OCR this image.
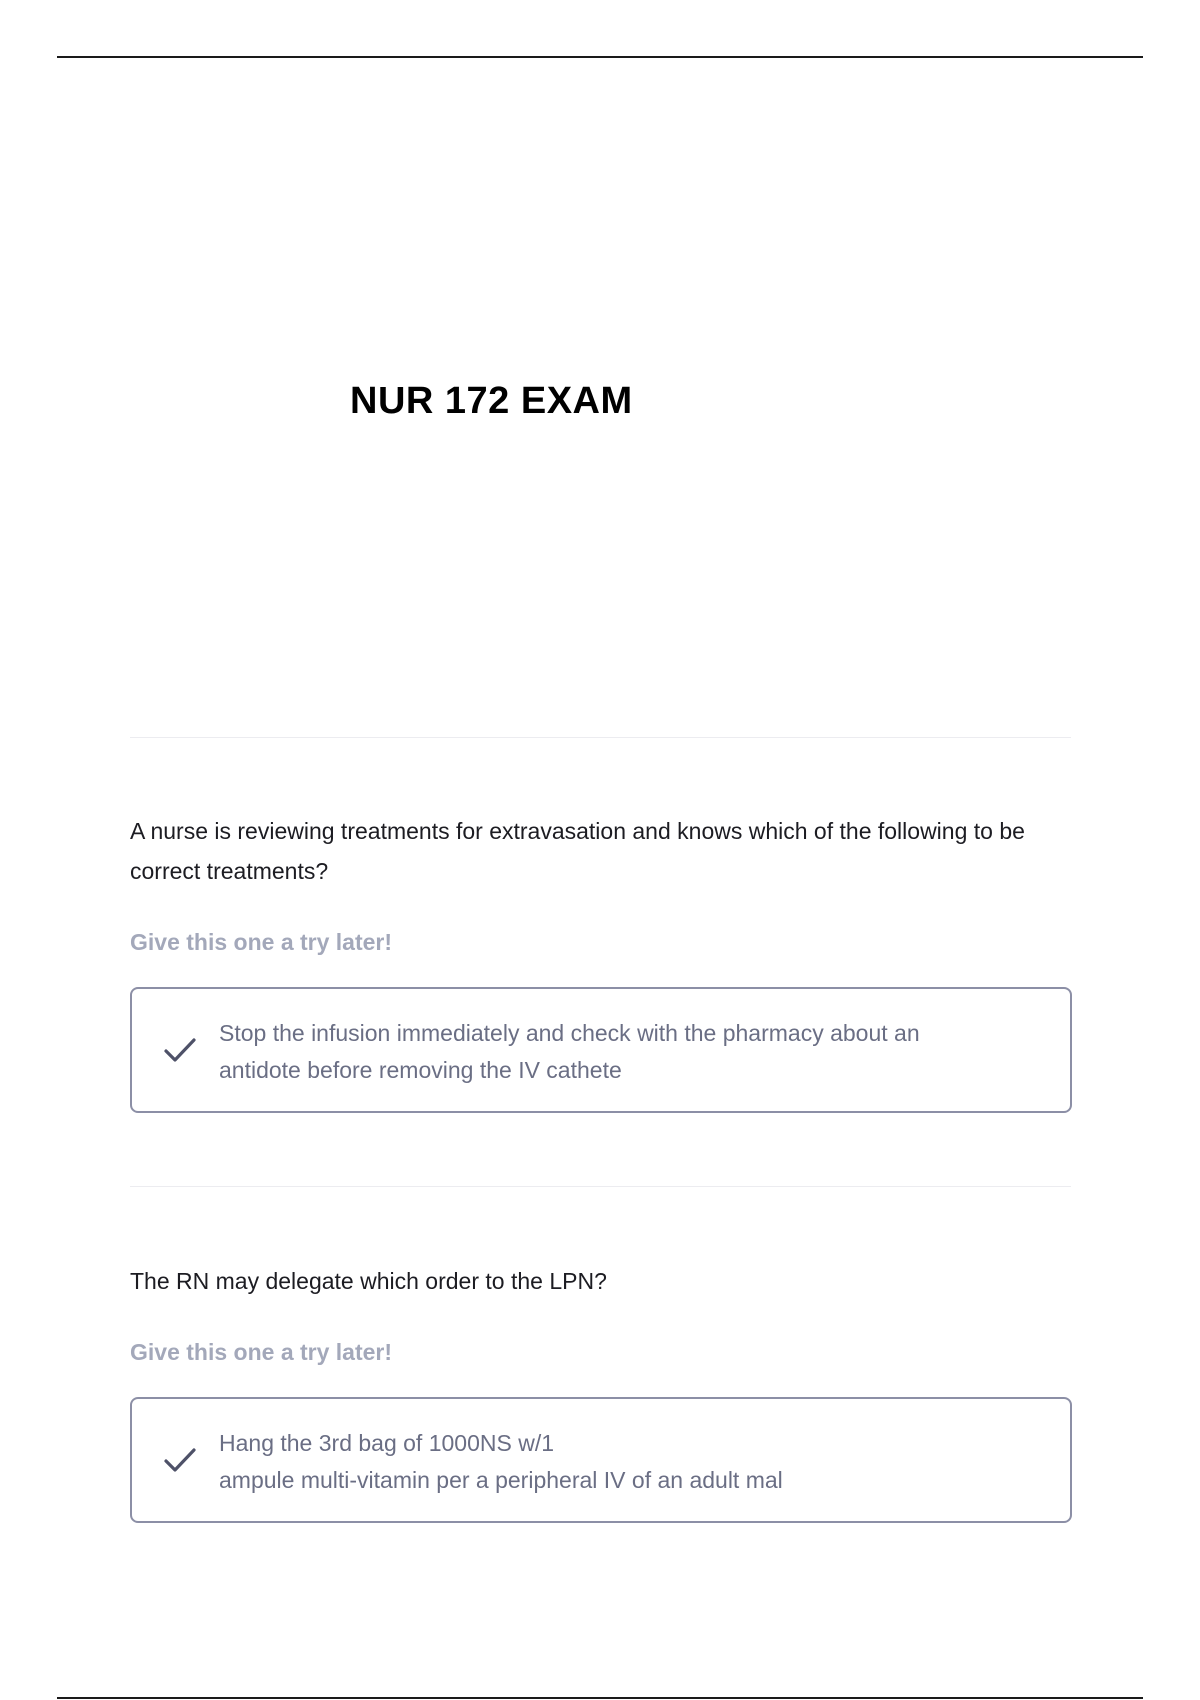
NUR 172 EXAM
A nurse is reviewing treatments for extravasation and knows which of the following to be correct treatments?
Give this one a try later!
Stop the infusion immediately and check with the pharmacy about an
antidote before removing the IV cathete
The RN may delegate which order to the LPN?
Give this one a try later!
Hang the 3rd bag of 1000NS w/1
ampule multi-vitamin per a peripheral IV of an adult mal
